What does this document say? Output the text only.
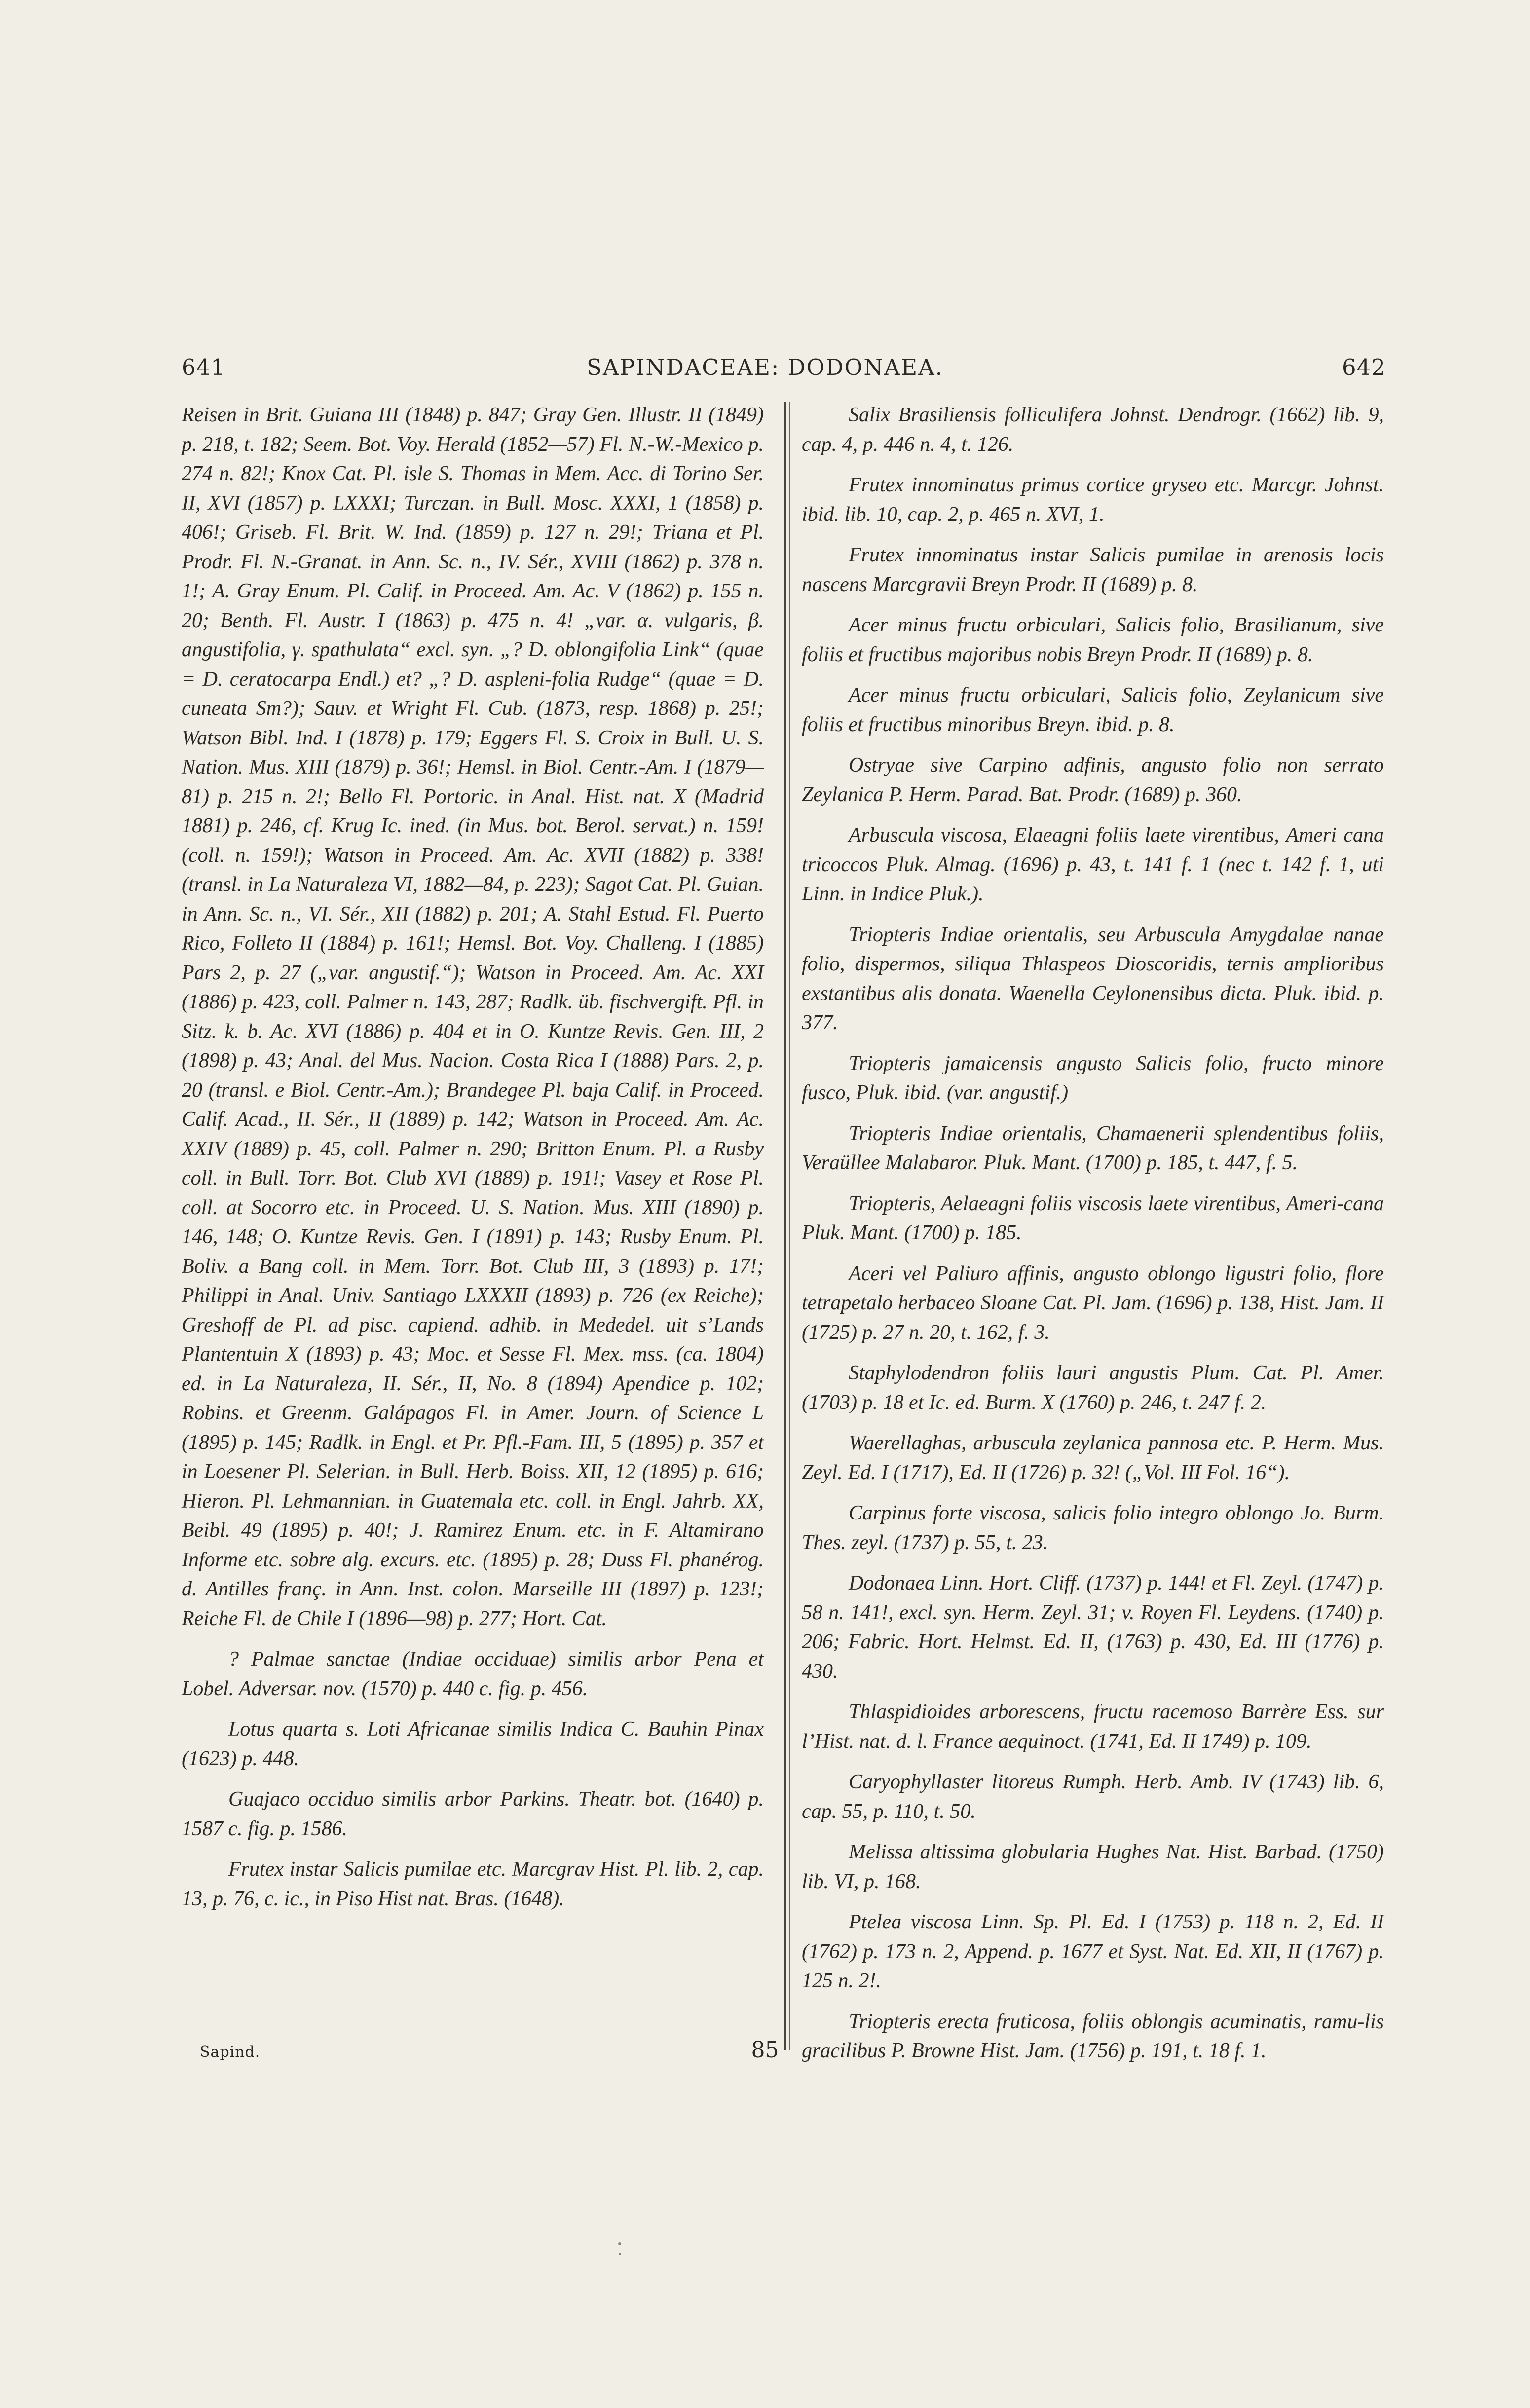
641	SAPINDACEAE: DODONAEA.	642

Reisen in Brit. Guiana III (1848) p. 847; Gray Gen. Illustr. II (1849) p. 218, t. 182; Seem. Bot. Voy. Herald (1852—57) Fl. N.-W.-Mexico p. 274 n. 82!; Knox Cat. Pl. isle S. Thomas in Mem. Acc. di Torino Ser. II, XVI (1857) p. LXXXI; Turczan. in Bull. Mosc. XXXI, 1 (1858) p. 406!; Griseb. Fl. Brit. W. Ind. (1859) p. 127 n. 29!; Triana et Pl. Prodr. Fl. N.-Granat. in Ann. Sc. n., IV. Sér., XVIII (1862) p. 378 n. 1!; A. Gray Enum. Pl. Calif. in Proceed. Am. Ac. V (1862) p. 155 n. 20; Benth. Fl. Austr. I (1863) p. 475 n. 4! „var. α. vulgaris, β. angustifolia, γ. spathulata“ excl. syn. „? D. oblongifolia Link“ (quae = D. ceratocarpa Endl.) et? „? D. aspleni-folia Rudge“ (quae = D. cuneata Sm?); Sauv. et Wright Fl. Cub. (1873, resp. 1868) p. 25!; Watson Bibl. Ind. I (1878) p. 179; Eggers Fl. S. Croix in Bull. U. S. Nation. Mus. XIII (1879) p. 36!; Hemsl. in Biol. Centr.-Am. I (1879—81) p. 215 n. 2!; Bello Fl. Portoric. in Anal. Hist. nat. X (Madrid 1881) p. 246, cf. Krug Ic. ined. (in Mus. bot. Berol. servat.) n. 159! (coll. n. 159!); Watson in Proceed. Am. Ac. XVII (1882) p. 338! (transl. in La Naturaleza VI, 1882—84, p. 223); Sagot Cat. Pl. Guian. in Ann. Sc. n., VI. Sér., XII (1882) p. 201; A. Stahl Estud. Fl. Puerto Rico, Folleto II (1884) p. 161!; Hemsl. Bot. Voy. Challeng. I (1885) Pars 2, p. 27 („var. angustif.“); Watson in Proceed. Am. Ac. XXI (1886) p. 423, coll. Palmer n. 143, 287; Radlk. üb. fischvergift. Pfl. in Sitz. k. b. Ac. XVI (1886) p. 404 et in O. Kuntze Revis. Gen. III, 2 (1898) p. 43; Anal. del Mus. Nacion. Costa Rica I (1888) Pars. 2, p. 20 (transl. e Biol. Centr.-Am.); Brandegee Pl. baja Calif. in Proceed. Calif. Acad., II. Sér., II (1889) p. 142; Watson in Proceed. Am. Ac. XXIV (1889) p. 45, coll. Palmer n. 290; Britton Enum. Pl. a Rusby coll. in Bull. Torr. Bot. Club XVI (1889) p. 191!; Vasey et Rose Pl. coll. at Socorro etc. in Proceed. U. S. Nation. Mus. XIII (1890) p. 146, 148; O. Kuntze Revis. Gen. I (1891) p. 143; Rusby Enum. Pl. Boliv. a Bang coll. in Mem. Torr. Bot. Club III, 3 (1893) p. 17!; Philippi in Anal. Univ. Santiago LXXXII (1893) p. 726 (ex Reiche); Greshoff de Pl. ad pisc. capiend. adhib. in Mededel. uit s’Lands Plantentuin X (1893) p. 43; Moc. et Sesse Fl. Mex. mss. (ca. 1804) ed. in La Naturaleza, II. Sér., II, No. 8 (1894) Apendice p. 102; Robins. et Greenm. Galápagos Fl. in Amer. Journ. of Science L (1895) p. 145; Radlk. in Engl. et Pr. Pfl.-Fam. III, 5 (1895) p. 357 et in Loesener Pl. Selerian. in Bull. Herb. Boiss. XII, 12 (1895) p. 616; Hieron. Pl. Lehmannian. in Guatemala etc. coll. in Engl. Jahrb. XX, Beibl. 49 (1895) p. 40!; J. Ramirez Enum. etc. in F. Altamirano Informe etc. sobre alg. excurs. etc. (1895) p. 28; Duss Fl. phanérog. d. Antilles franç. in Ann. Inst. colon. Marseille III (1897) p. 123!; Reiche Fl. de Chile I (1896—98) p. 277; Hort. Cat.

? Palmae sanctae (Indiae occiduae) similis arbor Pena et Lobel. Adversar. nov. (1570) p. 440 c. fig. p. 456.

Lotus quarta s. Loti Africanae similis Indica C. Bauhin Pinax (1623) p. 448.

Guajaco occiduo similis arbor Parkins. Theatr. bot. (1640) p. 1587 c. fig. p. 1586.

Frutex instar Salicis pumilae etc. Marcgrav Hist. Pl. lib. 2, cap. 13, p. 76, c. ic., in Piso Hist nat. Bras. (1648).

Salix Brasiliensis folliculifera Johnst. Dendrogr. (1662) lib. 9, cap. 4, p. 446 n. 4, t. 126.

Frutex innominatus primus cortice gryseo etc. Marcgr. Johnst. ibid. lib. 10, cap. 2, p. 465 n. XVI, 1.

Frutex innominatus instar Salicis pumilae in arenosis locis nascens Marcgravii Breyn Prodr. II (1689) p. 8.

Acer minus fructu orbiculari, Salicis folio, Brasilianum, sive foliis et fructibus majoribus nobis Breyn Prodr. II (1689) p. 8.

Acer minus fructu orbiculari, Salicis folio, Zeylanicum sive foliis et fructibus minoribus Breyn. ibid. p. 8.

Ostryae sive Carpino adfinis, angusto folio non serrato Zeylanica P. Herm. Parad. Bat. Prodr. (1689) p. 360.

Arbuscula viscosa, Elaeagni foliis laete virentibus, Ameri cana tricoccos Pluk. Almag. (1696) p. 43, t. 141 f. 1 (nec t. 142 f. 1, uti Linn. in Indice Pluk.).

Triopteris Indiae orientalis, seu Arbuscula Amygdalae nanae folio, dispermos, siliqua Thlaspeos Dioscoridis, ternis amplioribus exstantibus alis donata. Waenella Ceylonensibus dicta. Pluk. ibid. p. 377.

Triopteris jamaicensis angusto Salicis folio, fructo minore fusco, Pluk. ibid. (var. angustif.)

Triopteris Indiae orientalis, Chamaenerii splendentibus foliis, Veraüllee Malabaror. Pluk. Mant. (1700) p. 185, t. 447, f. 5.

Triopteris, Aelaeagni foliis viscosis laete virentibus, Ameri-cana Pluk. Mant. (1700) p. 185.

Aceri vel Paliuro affinis, angusto oblongo ligustri folio, flore tetrapetalo herbaceo Sloane Cat. Pl. Jam. (1696) p. 138, Hist. Jam. II (1725) p. 27 n. 20, t. 162, f. 3.

Staphylodendron foliis lauri angustis Plum. Cat. Pl. Amer. (1703) p. 18 et Ic. ed. Burm. X (1760) p. 246, t. 247 f. 2.

Waerellaghas, arbuscula zeylanica pannosa etc. P. Herm. Mus. Zeyl. Ed. I (1717), Ed. II (1726) p. 32! („Vol. III Fol. 16“).

Carpinus forte viscosa, salicis folio integro oblongo Jo. Burm. Thes. zeyl. (1737) p. 55, t. 23.

Dodonaea Linn. Hort. Cliff. (1737) p. 144! et Fl. Zeyl. (1747) p. 58 n. 141!, excl. syn. Herm. Zeyl. 31; v. Royen Fl. Leydens. (1740) p. 206; Fabric. Hort. Helmst. Ed. II, (1763) p. 430, Ed. III (1776) p. 430.

Thlaspidioides arborescens, fructu racemoso Barrère Ess. sur l’Hist. nat. d. l. France aequinoct. (1741, Ed. II 1749) p. 109.

Caryophyllaster litoreus Rumph. Herb. Amb. IV (1743) lib. 6, cap. 55, p. 110, t. 50.

Melissa altissima globularia Hughes Nat. Hist. Barbad. (1750) lib. VI, p. 168.

Ptelea viscosa Linn. Sp. Pl. Ed. I (1753) p. 118 n. 2, Ed. II (1762) p. 173 n. 2, Append. p. 1677 et Syst. Nat. Ed. XII, II (1767) p. 125 n. 2!.

Triopteris erecta fruticosa, foliis oblongis acuminatis, ramu-lis gracilibus P. Browne Hist. Jam. (1756) p. 191, t. 18 f. 1.

Sapind.	85
